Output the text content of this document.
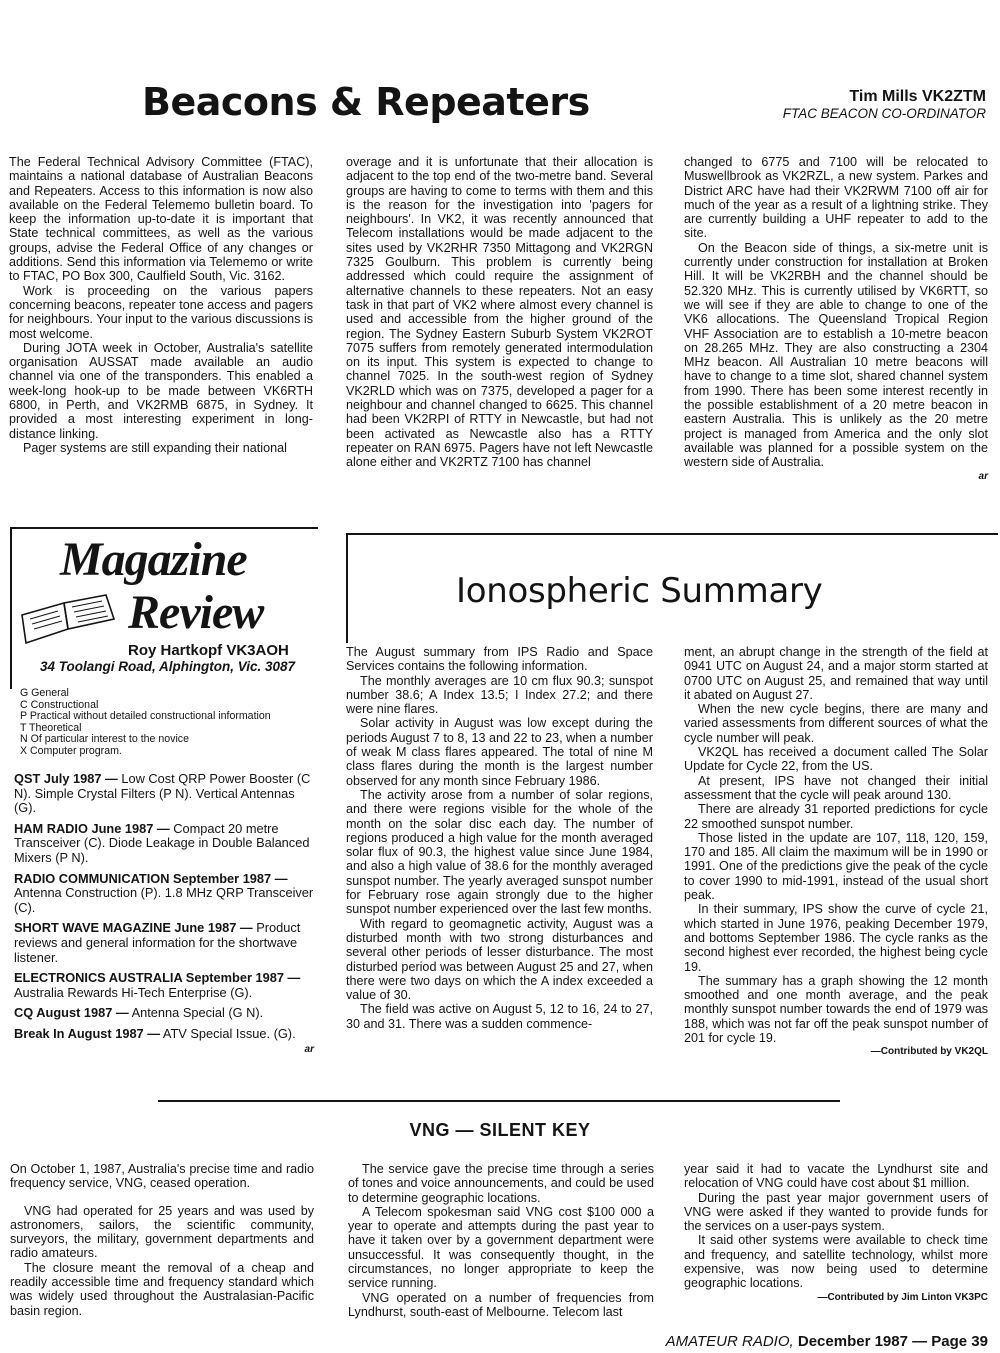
Beacons & Repeaters	Tim Mills VK2ZTM
FTAC BEACON CO-ORDINATOR

The Federal Technical Advisory Committee (FTAC), maintains a national database of Australian Beacons and Repeaters. Access to this information is now also available on the Federal Telememo bulletin board. To keep the information up-to-date it is important that State technical committees, as well as the various groups, advise the Federal Office of any changes or additions. Send this information via Telememo or write to FTAC, PO Box 300, Caulfield South, Vic. 3162.

Work is proceeding on the various papers concerning beacons, repeater tone access and pagers for neighbours. Your input to the various discussions is most welcome.

During JOTA week in October, Australia's satellite organisation AUSSAT made available an audio channel via one of the transponders. This enabled a week-long hook-up to be made between VK6RTH 6800, in Perth, and VK2RMB 6875, in Sydney. It provided a most interesting experiment in long-distance linking.

Pager systems are still expanding their national

overage and it is unfortunate that their allocation is adjacent to the top end of the two-metre band. Several groups are having to come to terms with them and this is the reason for the investigation into 'pagers for neighbours'. In VK2, it was recently announced that Telecom installations would be made adjacent to the sites used by VK2RHR 7350 Mittagong and VK2RGN 7325 Goulburn. This problem is currently being addressed which could require the assignment of alternative channels to these repeaters. Not an easy task in that part of VK2 where almost every channel is used and accessible from the higher ground of the region. The Sydney Eastern Suburb System VK2ROT 7075 suffers from remotely generated intermodulation on its input. This system is expected to change to channel 7025. In the south-west region of Sydney VK2RLD which was on 7375, developed a pager for a neighbour and channel changed to 6625. This channel had been VK2RPI of RTTY in Newcastle, but had not been activated as Newcastle also has a RTTY repeater on RAN 6975. Pagers have not left Newcastle alone either and VK2RTZ 7100 has channel

changed to 6775 and 7100 will be relocated to Muswellbrook as VK2RZL, a new system. Parkes and District ARC have had their VK2RWM 7100 off air for much of the year as a result of a lightning strike. They are currently building a UHF repeater to add to the site.

On the Beacon side of things, a six-metre unit is currently under construction for installation at Broken Hill. It will be VK2RBH and the channel should be 52.320 MHz. This is currently utilised by VK6RTT, so we will see if they are able to change to one of the VK6 allocations. The Queensland Tropical Region VHF Association are to establish a 10-metre beacon on 28.265 MHz. They are also constructing a 2304 MHz beacon. All Australian 10 metre beacons will have to change to a time slot, shared channel system from 1990. There has been some interest recently in the possible establishment of a 20 metre beacon in eastern Australia. This is unlikely as the 20 metre project is managed from America and the only slot available was planned for a possible system on the western side of Australia.

ar

Magazine
Review
Roy Hartkopf VK3AOH
34 Toolangi Road, Alphington, Vic. 3087
G General
C Constructional
P Practical without detailed constructional information
T Theoretical
N Of particular interest to the novice
X Computer program.

QST July 1987 — Low Cost QRP Power Booster (C N). Simple Crystal Filters (P N). Vertical Antennas (G).

HAM RADIO June 1987 — Compact 20 metre Transceiver (C). Diode Leakage in Double Balanced Mixers (P N).

RADIO COMMUNICATION September 1987 — Antenna Construction (P). 1.8 MHz QRP Transceiver (C).

SHORT WAVE MAGAZINE June 1987 — Product reviews and general information for the shortwave listener.

ELECTRONICS AUSTRALIA September 1987 — Australia Rewards Hi-Tech Enterprise (G).

CQ August 1987 — Antenna Special (G N).

Break In August 1987 — ATV Special Issue. (G).

ar
Ionospheric Summary

The August summary from IPS Radio and Space Services contains the following information.

The monthly averages are 10 cm flux 90.3; sunspot number 38.6; A Index 13.5; I Index 27.2; and there were nine flares.

Solar activity in August was low except during the periods August 7 to 8, 13 and 22 to 23, when a number of weak M class flares appeared. The total of nine M class flares during the month is the largest number observed for any month since February 1986.

The activity arose from a number of solar regions, and there were regions visible for the whole of the month on the solar disc each day. The number of regions produced a high value for the month averaged solar flux of 90.3, the highest value since June 1984, and also a high value of 38.6 for the monthly averaged sunspot number. The yearly averaged sunspot number for February rose again strongly due to the higher sunspot number experienced over the last few months.

With regard to geomagnetic activity, August was a disturbed month with two strong disturbances and several other periods of lesser disturbance. The most disturbed period was between August 25 and 27, when there were two days on which the A index exceeded a value of 30.

The field was active on August 5, 12 to 16, 24 to 27, 30 and 31. There was a sudden commence-

ment, an abrupt change in the strength of the field at 0941 UTC on August 24, and a major storm started at 0700 UTC on August 25, and remained that way until it abated on August 27.

When the new cycle begins, there are many and varied assessments from different sources of what the cycle number will peak.

VK2QL has received a document called The Solar Update for Cycle 22, from the US.

At present, IPS have not changed their initial assessment that the cycle will peak around 130.

There are already 31 reported predictions for cycle 22 smoothed sunspot number.

Those listed in the update are 107, 118, 120, 159, 170 and 185. All claim the maximum will be in 1990 or 1991. One of the predictions give the peak of the cycle to cover 1990 to mid-1991, instead of the usual short peak.

In their summary, IPS show the curve of cycle 21, which started in June 1976, peaking December 1979, and bottoms September 1986. The cycle ranks as the second highest ever recorded, the highest being cycle 19.

The summary has a graph showing the 12 month smoothed and one month average, and the peak monthly sunspot number towards the end of 1979 was 188, which was not far off the peak sunspot number of 201 for cycle 19.

—Contributed by VK2QL

VNG — SILENT KEY

On October 1, 1987, Australia's precise time and radio frequency service, VNG, ceased operation.

VNG had operated for 25 years and was used by astronomers, sailors, the scientific community, surveyors, the military, government departments and radio amateurs.

The closure meant the removal of a cheap and readily accessible time and frequency standard which was widely used throughout the Australasian-Pacific basin region.

The service gave the precise time through a series of tones and voice announcements, and could be used to determine geographic locations.

A Telecom spokesman said VNG cost $100 000 a year to operate and attempts during the past year to have it taken over by a government department were unsuccessful. It was consequently thought, in the circumstances, no longer appropriate to keep the service running.

VNG operated on a number of frequencies from Lyndhurst, south-east of Melbourne. Telecom last

year said it had to vacate the Lyndhurst site and relocation of VNG could have cost about $1 million.

During the past year major government users of VNG were asked if they wanted to provide funds for the services on a user-pays system.

It said other systems were available to check time and frequency, and satellite technology, whilst more expensive, was now being used to determine geographic locations.

—Contributed by Jim Linton VK3PC

AMATEUR RADIO, December 1987 — Page 39
